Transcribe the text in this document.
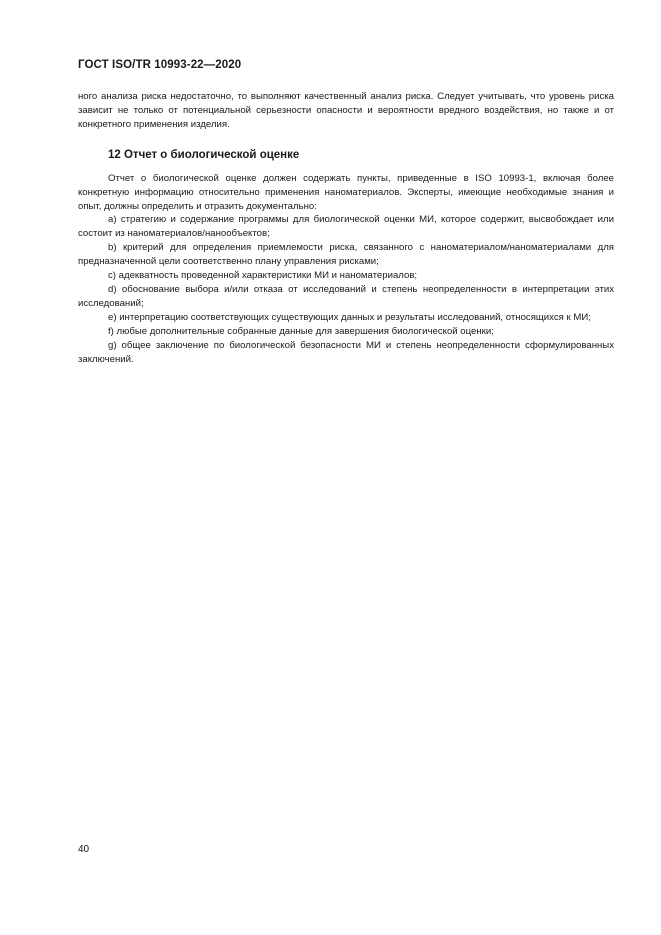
ГОСТ ISO/TR 10993-22—2020

ного анализа риска недостаточно, то выполняют качественный анализ риска. Следует учитывать, что уровень риска зависит не только от потенциальной серьезности опасности и вероятности вредного воздействия, но также и от конкретного применения изделия.

12 Отчет о биологической оценке

Отчет о биологической оценке должен содержать пункты, приведенные в ISO 10993-1, включая более конкретную информацию относительно применения наноматериалов. Эксперты, имеющие необходимые знания и опыт, должны определить и отразить документально:

a) стратегию и содержание программы для биологической оценки МИ, которое содержит, высвобождает или состоит из наноматериалов/нанообъектов;

b) критерий для определения приемлемости риска, связанного с наноматериалом/наноматериалами для предназначенной цели соответственно плану управления рисками;

c) адекватность проведенной характеристики МИ и наноматериалов;

d) обоснование выбора и/или отказа от исследований и степень неопределенности в интерпретации этих исследований;

e) интерпретацию соответствующих существующих данных и результаты исследований, относящихся к МИ;

f) любые дополнительные собранные данные для завершения биологической оценки;

g) общее заключение по биологической безопасности МИ и степень неопределенности сформулированных заключений.

40
